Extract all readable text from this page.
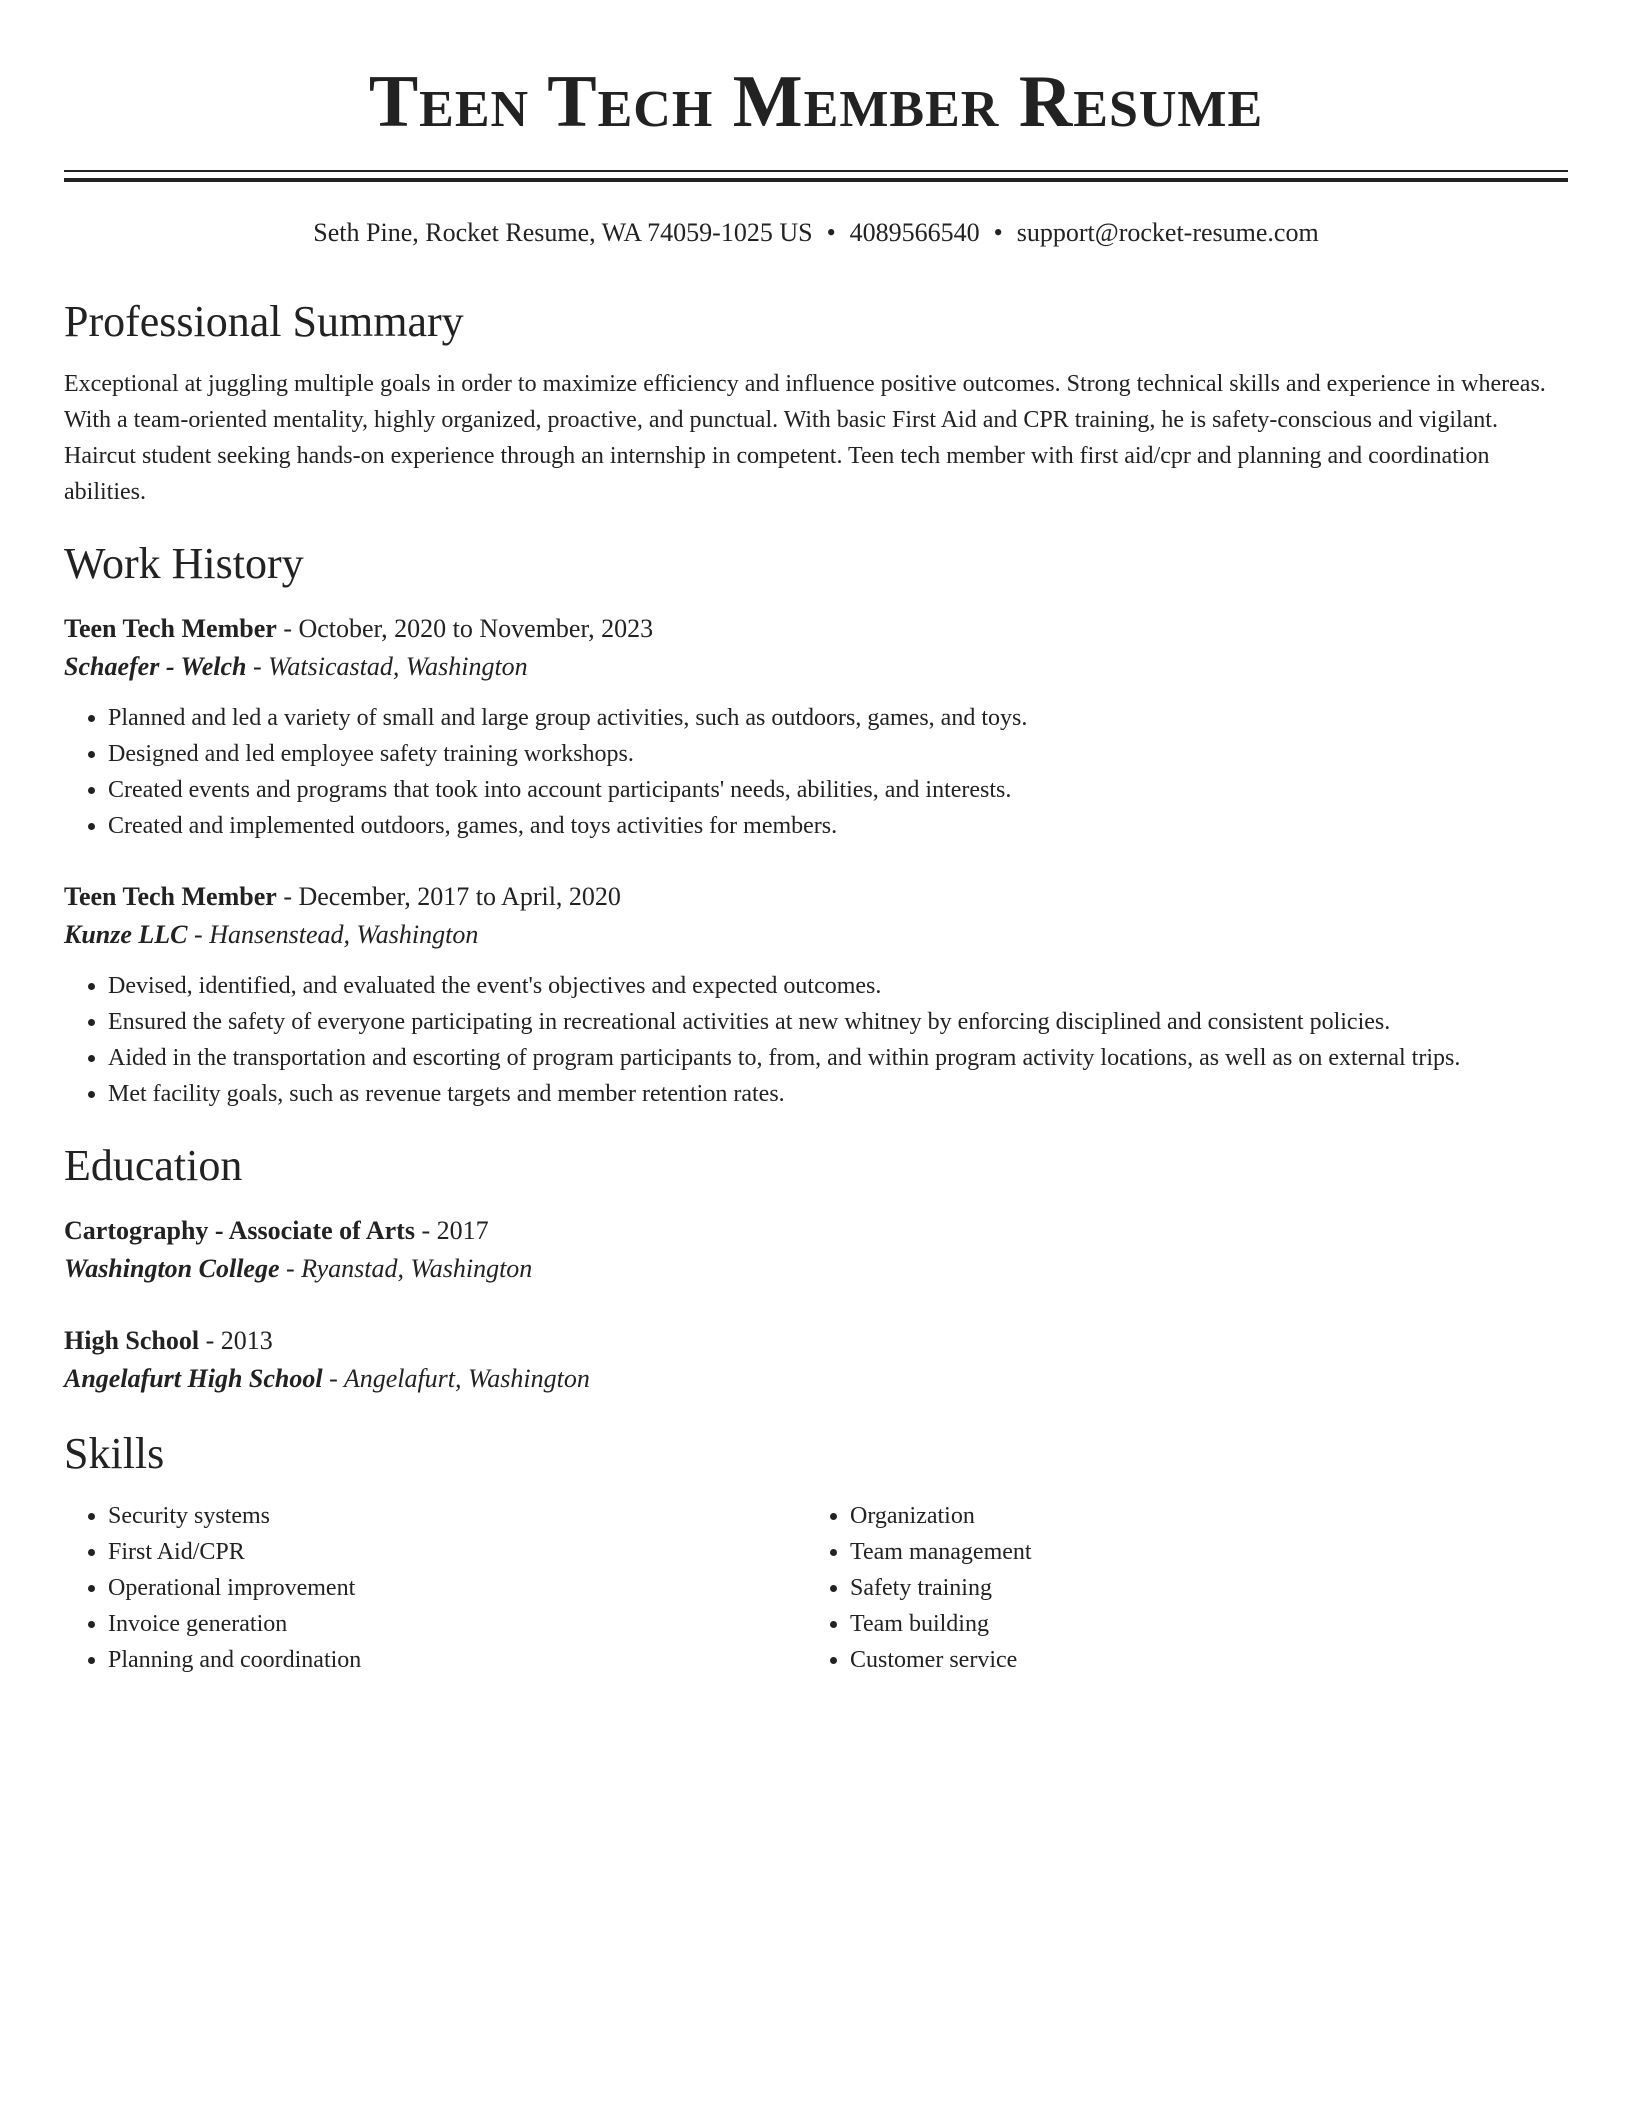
Teen Tech Member Resume
Seth Pine, Rocket Resume, WA 74059-1025 US • 4089566540 • support@rocket-resume.com
Professional Summary
Exceptional at juggling multiple goals in order to maximize efficiency and influence positive outcomes. Strong technical skills and experience in whereas. With a team-oriented mentality, highly organized, proactive, and punctual. With basic First Aid and CPR training, he is safety-conscious and vigilant. Haircut student seeking hands-on experience through an internship in competent. Teen tech member with first aid/cpr and planning and coordination abilities.
Work History
Teen Tech Member - October, 2020 to November, 2023
Schaefer - Welch - Watsicastad, Washington
• Planned and led a variety of small and large group activities, such as outdoors, games, and toys.
• Designed and led employee safety training workshops.
• Created events and programs that took into account participants' needs, abilities, and interests.
• Created and implemented outdoors, games, and toys activities for members.
Teen Tech Member - December, 2017 to April, 2020
Kunze LLC - Hansenstead, Washington
• Devised, identified, and evaluated the event's objectives and expected outcomes.
• Ensured the safety of everyone participating in recreational activities at new whitney by enforcing disciplined and consistent policies.
• Aided in the transportation and escorting of program participants to, from, and within program activity locations, as well as on external trips.
• Met facility goals, such as revenue targets and member retention rates.
Education
Cartography - Associate of Arts - 2017
Washington College - Ryanstad, Washington
High School - 2013
Angelafurt High School - Angelafurt, Washington
Skills
• Security systems
• First Aid/CPR
• Operational improvement
• Invoice generation
• Planning and coordination
• Organization
• Team management
• Safety training
• Team building
• Customer service
